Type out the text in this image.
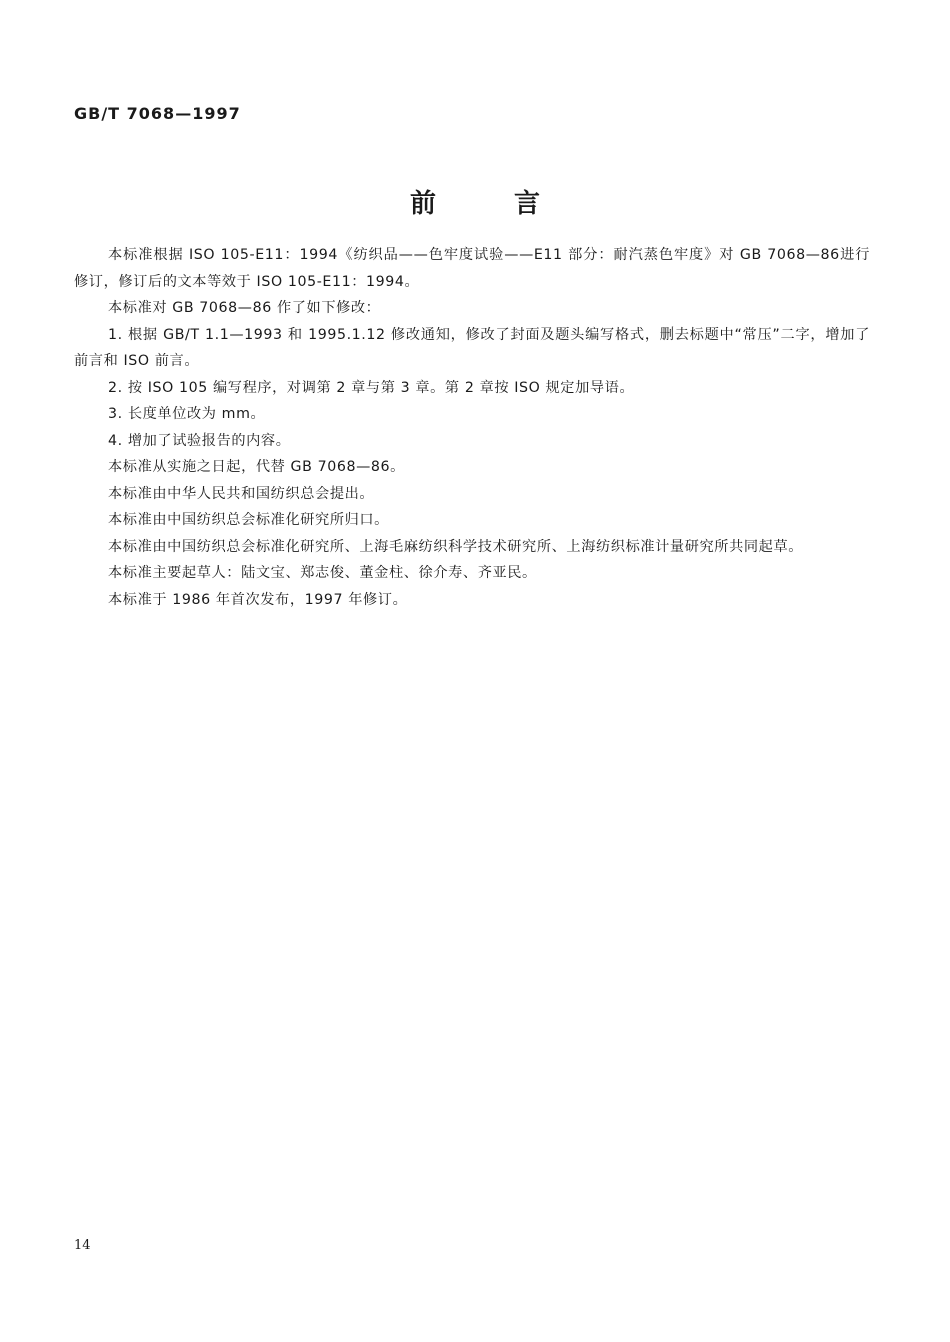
GB/T 7068—1997
前	言

本标准根据 ISO 105-E11：1994《纺织品——色牢度试验——E11 部分：耐汽蒸色牢度》对 GB 7068—86进行修订，修订后的文本等效于 ISO 105-E11：1994。

本标准对 GB 7068—86 作了如下修改：

1. 根据 GB/T 1.1—1993 和 1995.1.12 修改通知，修改了封面及题头编写格式，删去标题中“常压”二字，增加了前言和 ISO 前言。

2. 按 ISO 105 编写程序，对调第 2 章与第 3 章。第 2 章按 ISO 规定加导语。

3. 长度单位改为 mm。

4. 增加了试验报告的内容。

本标准从实施之日起，代替 GB 7068—86。

本标准由中华人民共和国纺织总会提出。

本标准由中国纺织总会标准化研究所归口。

本标准由中国纺织总会标准化研究所、上海毛麻纺织科学技术研究所、上海纺织标准计量研究所共同起草。

本标准主要起草人：陆文宝、郑志俊、董金柱、徐介寿、齐亚民。

本标准于 1986 年首次发布，1997 年修订。

14
